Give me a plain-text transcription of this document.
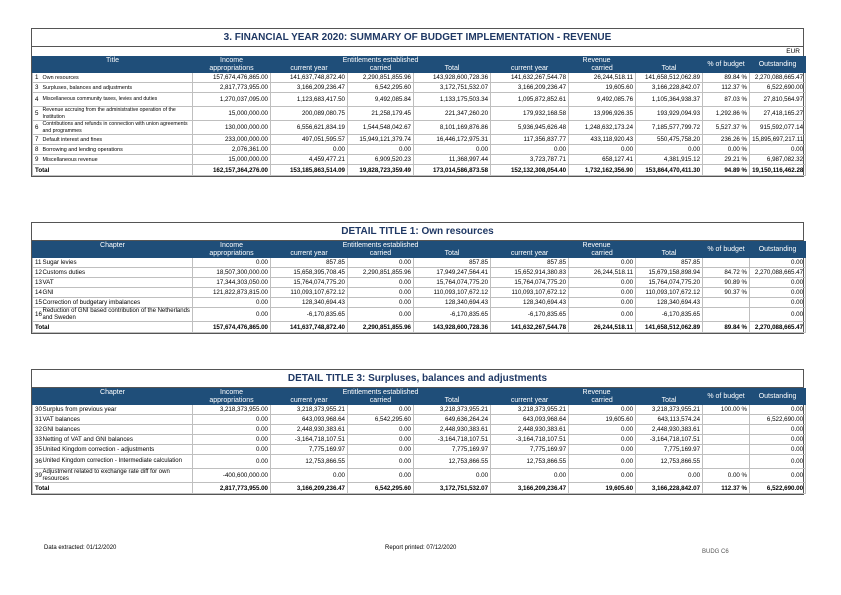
3. FINANCIAL YEAR 2020: SUMMARY OF BUDGET IMPLEMENTATION - REVENUE
EUR
Title		Income	Entitlements established			Revenue			% of budget	Outstanding
		appropriations	current year	carried	Total	current year	carried	Total		
1	Own resources	157,674,476,865.00	141,637,748,872.40	2,290,851,855.96	143,928,600,728.36	141,632,267,544.78	26,244,518.11	141,658,512,062.89	89.84 %	2,270,088,665.47
3	Surpluses, balances and adjustments	2,817,773,955.00	3,166,209,236.47	6,542,295.60	3,172,751,532.07	3,166,209,236.47	19,605.60	3,166,228,842.07	112.37 %	6,522,690.00
4	Miscellaneous community taxes, levies and duties	1,270,037,095.00	1,123,683,417.50	9,492,085.84	1,133,175,503.34	1,095,872,852.61	9,492,085.76	1,105,364,938.37	87.03 %	27,810,564.97
5	Revenue accruing from the administrative operation of the Institution	15,000,000.00	200,089,080.75	21,258,179.45	221,347,260.20	179,932,168.58	13,996,926.35	193,929,094.93	1,292.86 %	27,418,165.27
6	Contributions and refunds in connection with union agreements and programmes	130,000,000.00	6,556,621,834.19	1,544,548,042.67	8,101,169,876.86	5,936,945,626.48	1,248,632,173.24	7,185,577,799.72	5,527.37 %	915,592,077.14
7	Default interest and fines	233,000,000.00	497,051,595.57	15,949,121,379.74	16,446,172,975.31	117,356,837.77	433,118,920.43	550,475,758.20	236.26 %	15,895,697,217.11
8	Borrowing and lending operations	2,076,361.00	0.00	0.00	0.00	0.00	0.00	0.00	0.00 %	0.00
9	Miscellaneous revenue	15,000,000.00	4,459,477.21	6,909,520.23	11,368,997.44	3,723,787.71	658,127.41	4,381,915.12	29.21 %	6,987,082.32
Total		162,157,364,276.00	153,185,863,514.09	19,828,723,359.49	173,014,586,873.58	152,132,308,054.40	1,732,162,356.90	153,864,470,411.30	94.89 %	19,150,116,462.28
DETAIL TITLE 1: Own resources
Chapter		Income	Entitlements established			Revenue			% of budget	Outstanding
		appropriations	current year	carried	Total	current year	carried	Total		
11	Sugar levies	0.00	857.85	0.00	857.85	857.85	0.00	857.85		0.00
12	Customs duties	18,507,300,000.00	15,658,395,708.45	2,290,851,855.96	17,949,247,564.41	15,652,914,380.83	26,244,518.11	15,679,158,898.94	84.72 %	2,270,088,665.47
13	VAT	17,344,303,050.00	15,764,074,775.20	0.00	15,764,074,775.20	15,764,074,775.20	0.00	15,764,074,775.20	90.89 %	0.00
14	GNI	121,822,873,815.00	110,093,107,672.12	0.00	110,093,107,672.12	110,093,107,672.12	0.00	110,093,107,672.12	90.37 %	0.00
15	Correction of budgetary imbalances	0.00	128,340,694.43	0.00	128,340,694.43	128,340,694.43	0.00	128,340,694.43		0.00
16	Reduction of GNI based contribution of the Netherlands and Sweden	0.00	-6,170,835.65	0.00	-6,170,835.65	-6,170,835.65	0.00	-6,170,835.65		0.00
Total		157,674,476,865.00	141,637,748,872.40	2,290,851,855.96	143,928,600,728.36	141,632,267,544.78	26,244,518.11	141,658,512,062.89	89.84 %	2,270,088,665.47
DETAIL TITLE 3: Surpluses, balances and adjustments
Chapter		Income	Entitlements established			Revenue			% of budget	Outstanding
		appropriations	current year	carried	Total	current year	carried	Total		
30	Surplus from previous year	3,218,373,955.00	3,218,373,955.21	0.00	3,218,373,955.21	3,218,373,955.21	0.00	3,218,373,955.21	100.00 %	0.00
31	VAT balances	0.00	643,093,968.64	6,542,295.60	649,636,264.24	643,093,968.64	19,605.60	643,113,574.24		6,522,690.00
32	GNI balances	0.00	2,448,930,383.61	0.00	2,448,930,383.61	2,448,930,383.61	0.00	2,448,930,383.61		0.00
33	Netting of VAT and GNI balances	0.00	-3,164,718,107.51	0.00	-3,164,718,107.51	-3,164,718,107.51	0.00	-3,164,718,107.51		0.00
35	United Kingdom correction - adjustments	0.00	7,775,169.97	0.00	7,775,169.97	7,775,169.97	0.00	7,775,169.97		0.00
36	United Kingdom correction - Intermediate calculation	0.00	12,753,866.55	0.00	12,753,866.55	12,753,866.55	0.00	12,753,866.55		0.00
39	Adjustment related to exchange rate diff for own resources	-400,600,000.00	0.00	0.00	0.00	0.00	0.00	0.00	0.00 %	0.00
Total		2,817,773,955.00	3,166,209,236.47	6,542,295.60	3,172,751,532.07	3,166,209,236.47	19,605.60	3,166,228,842.07	112.37 %	6,522,690.00
Data extracted: 01/12/2020	Report printed: 07/12/2020
BUDG C6
